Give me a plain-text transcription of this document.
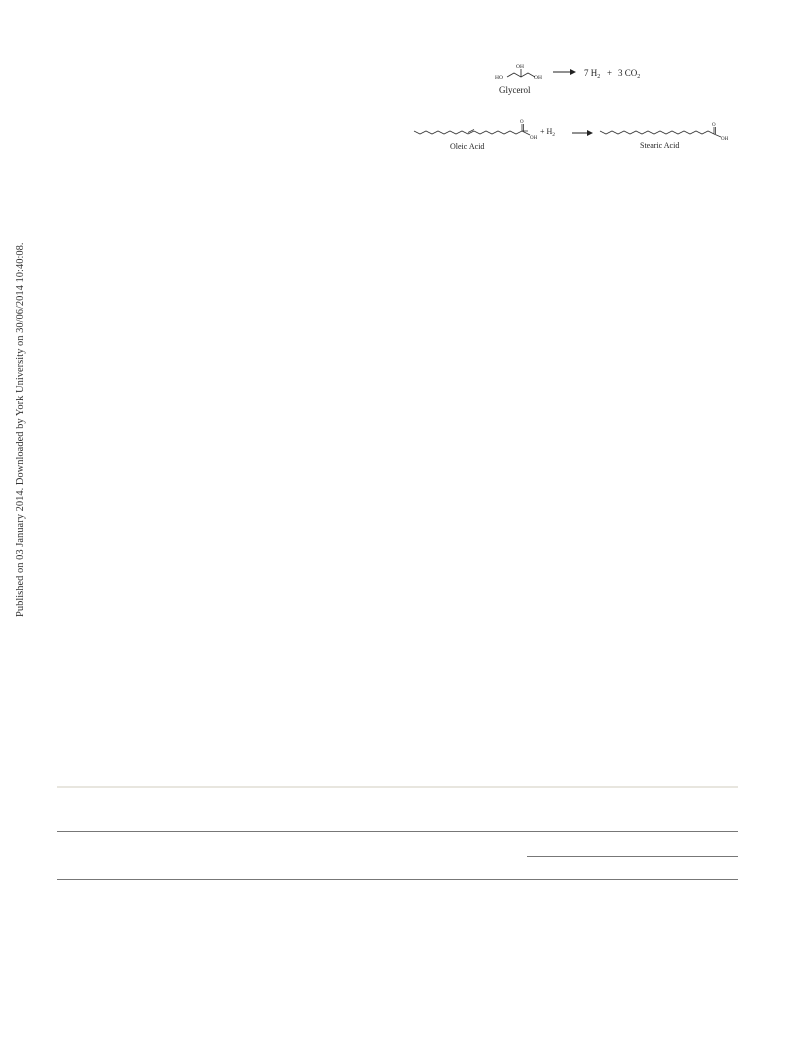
Published on 03 January 2014. Downloaded by York University on 30/06/2014 10:40:08.
OH
HO	OH
Glycerol
7 $H_2 + 3$ $CO_2$
O
OH
Oleic Acid
+ $H_2$
O
OH
Stearic Acid
